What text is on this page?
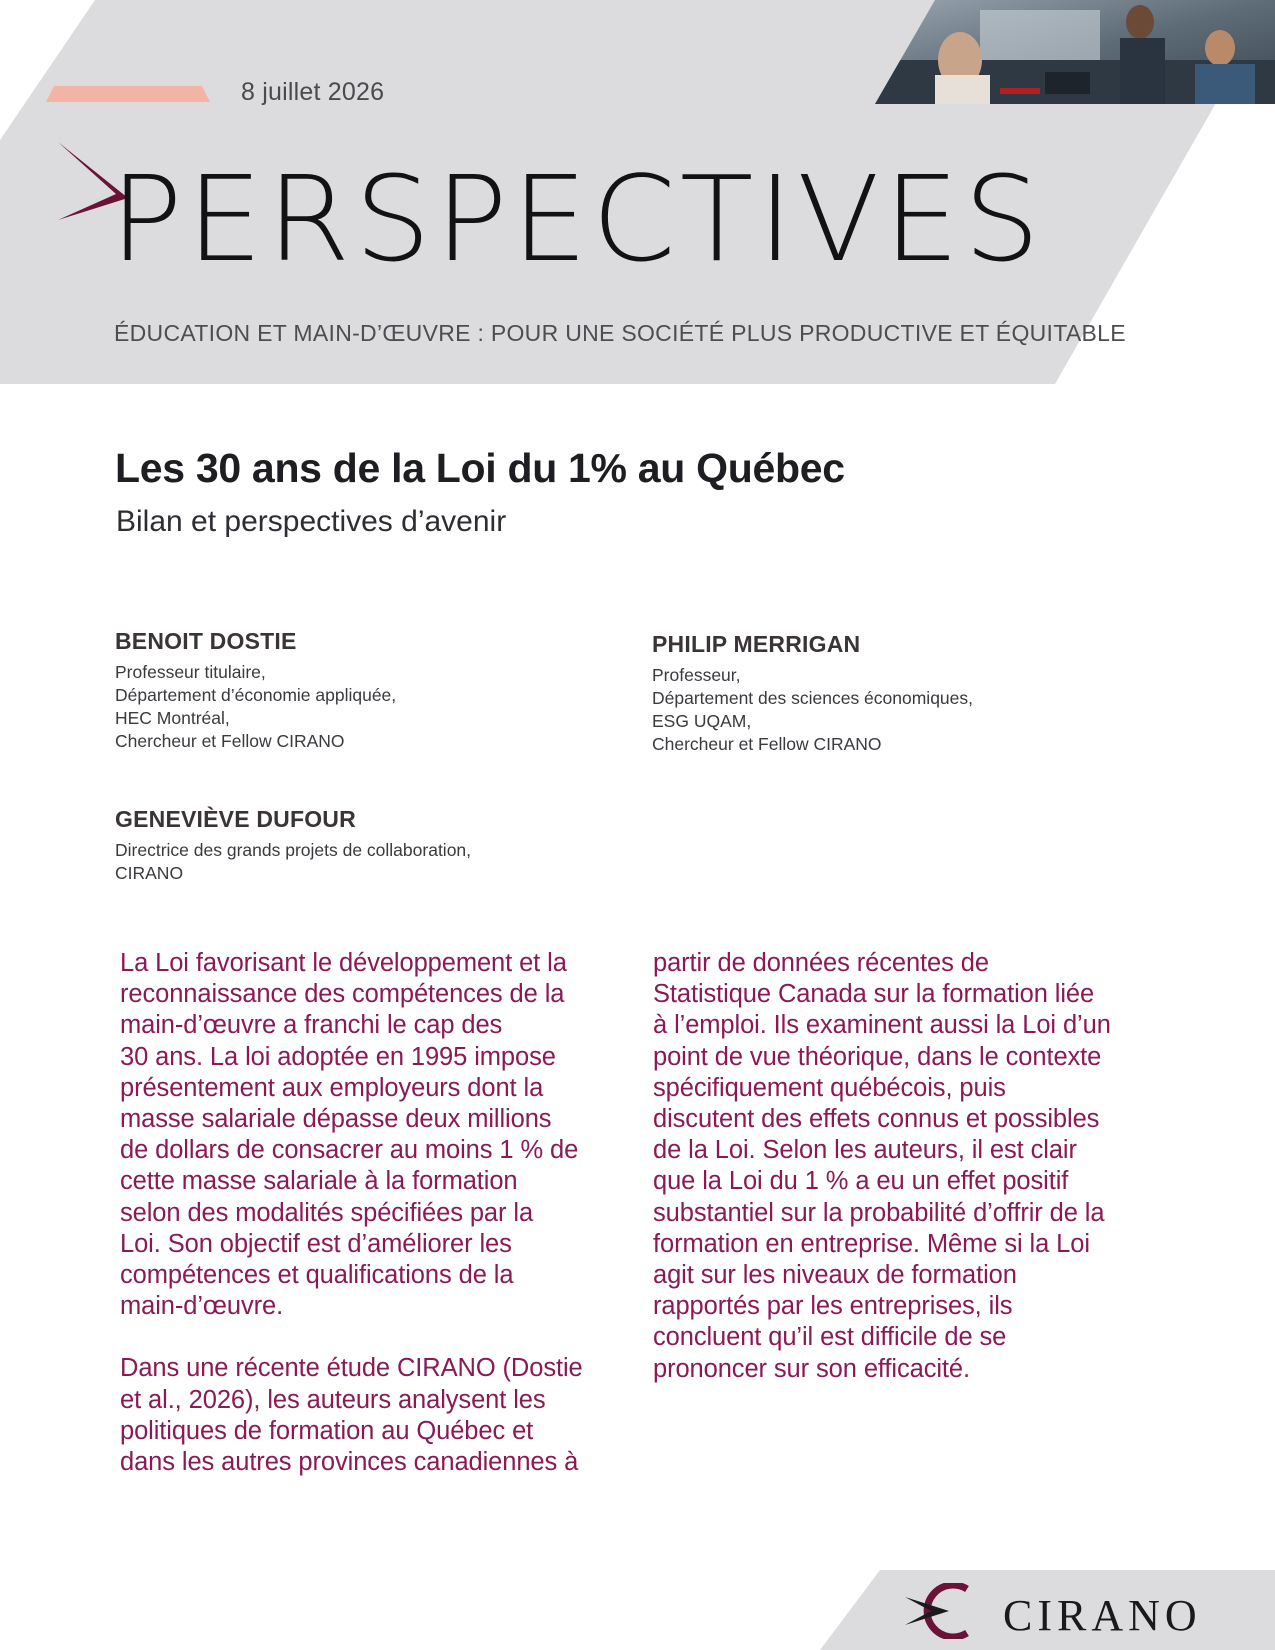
8 juillet 2026
PERSPECTIVES
ÉDUCATION ET MAIN-D’ŒUVRE : POUR UNE SOCIÉTÉ PLUS PRODUCTIVE ET ÉQUITABLE
Les 30 ans de la Loi du 1% au Québec
Bilan et perspectives d’avenir
BENOIT DOSTIE
Professeur titulaire,
Département d’économie appliquée,
HEC Montréal,
Chercheur et Fellow CIRANO
PHILIP MERRIGAN
Professeur,
Département des sciences économiques,
ESG UQAM,
Chercheur et Fellow CIRANO
GENEVIÈVE DUFOUR
Directrice des grands projets de collaboration,
CIRANO

La Loi favorisant le développement et la
reconnaissance des compétences de la
main-d’œuvre a franchi le cap des
30 ans. La loi adoptée en 1995 impose
présentement aux employeurs dont la
masse salariale dépasse deux millions
de dollars de consacrer au moins 1 % de
cette masse salariale à la formation
selon des modalités spécifiées par la
Loi. Son objectif est d’améliorer les
compétences et qualifications de la
main-d’œuvre.

Dans une récente étude CIRANO (Dostie
et al., 2026), les auteurs analysent les
politiques de formation au Québec et
dans les autres provinces canadiennes à

partir de données récentes de
Statistique Canada sur la formation liée
à l’emploi. Ils examinent aussi la Loi d’un
point de vue théorique, dans le contexte
spécifiquement québécois, puis
discutent des effets connus et possibles
de la Loi. Selon les auteurs, il est clair
que la Loi du 1 % a eu un effet positif
substantiel sur la probabilité d’offrir de la
formation en entreprise. Même si la Loi
agit sur les niveaux de formation
rapportés par les entreprises, ils
concluent qu’il est difficile de se
prononcer sur son efficacité.

CIRANO
